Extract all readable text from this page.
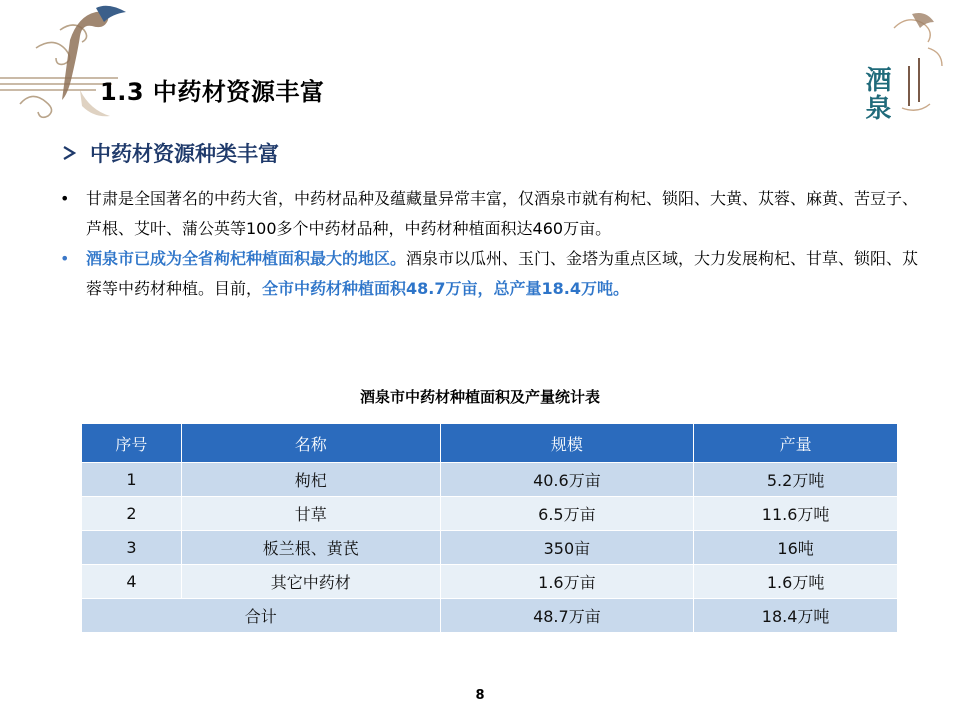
酒泉
1.3 中药材资源丰富
中药材资源种类丰富
•	甘肃是全国著名的中药大省，中药材品种及蕴藏量异常丰富，仅酒泉市就有枸杞、锁阳、大黄、苁蓉、麻黄、苦豆子、芦根、艾叶、蒲公英等100多个中药材品种，中药材种植面积达460万亩。
•	酒泉市已成为全省枸杞种植面积最大的地区。酒泉市以瓜州、玉门、金塔为重点区域，大力发展枸杞、甘草、锁阳、苁蓉等中药材种植。目前，全市中药材种植面积48.7万亩，总产量18.4万吨。
酒泉市中药材种植面积及产量统计表
序号	名称	规模	产量
1	枸杞	40.6万亩	5.2万吨
2	甘草	6.5万亩	11.6万吨
3	板兰根、黄芪	350亩	16吨
4	其它中药材	1.6万亩	1.6万吨
合计		48.7万亩	18.4万吨
8
